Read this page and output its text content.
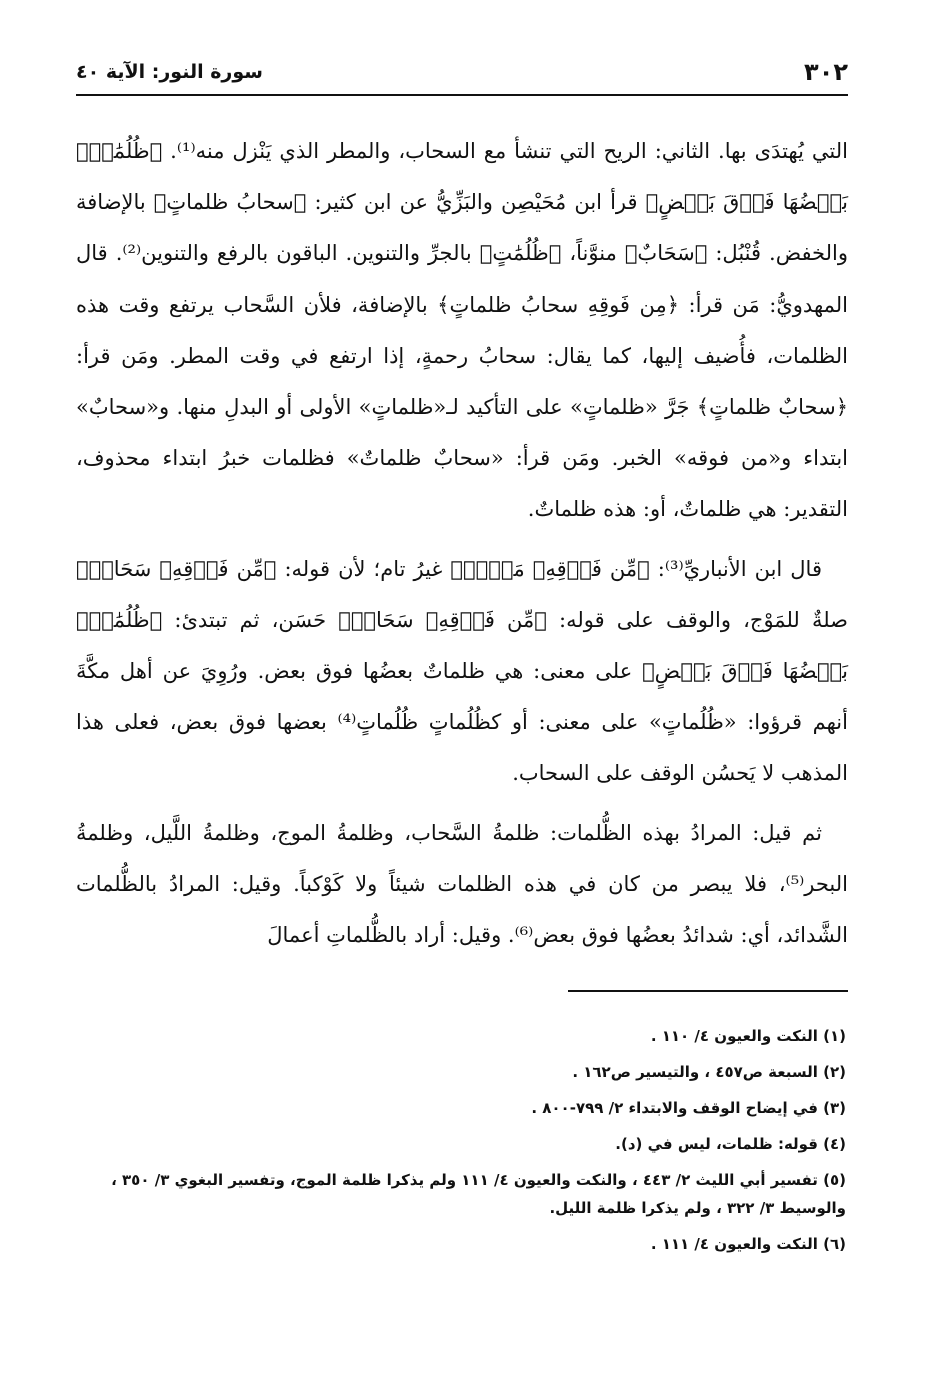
٣٠٢
سورة النور: الآية ٤٠

التي يُهتدَى بها. الثاني: الريح التي تنشأ مع السحاب، والمطر الذي يَنْزل منه⁽¹⁾. ﴿ظُلُمَٰتُۢ بَعۡضُهَا فَوۡقَ بَعۡضٍ﴾ قرأ ابن مُحَيْصِن والبَزِّيُّ عن ابن كثير: ﴿سحابُ ظلماتٍ﴾ بالإضافة والخفض. قُنْبُل: ﴿سَحَابٌ﴾ منوَّناً، ﴿ظُلُمَٰتٍ﴾ بالجرِّ والتنوين. الباقون بالرفع والتنوين⁽²⁾. قال المهدويُّ: مَن قرأ: ﴿مِن فَوقِهِ سحابُ ظلماتٍ﴾ بالإضافة، فلأن السَّحاب يرتفع وقت هذه الظلمات، فأُضيف إليها، كما يقال: سحابُ رحمةٍ، إذا ارتفع في وقت المطر. ومَن قرأ: ﴿سحابٌ ظلماتٍ﴾ جَرَّ «ظلماتٍ» على التأكيد لـ«ظلماتٍ» الأولى أو البدلِ منها. و«سحابٌ» ابتداء و«من فوقه» الخبر. ومَن قرأ: «سحابٌ ظلماتٌ» فظلمات خبرُ ابتداء محذوف، التقدير: هي ظلماتٌ، أو: هذه ظلماتٌ.

قال ابن الأنباريِّ⁽³⁾: ﴿مِّن فَوۡقِهِۦ مَوۡجٞ﴾ غيرُ تام؛ لأن قوله: ﴿مِّن فَوۡقِهِۦ سَحَابٞ﴾ صلةٌ للمَوْج، والوقف على قوله: ﴿مِّن فَوۡقِهِۦ سَحَابٞ﴾ حَسَن، ثم تبتدئ: ﴿ظُلُمَٰتُۢ بَعۡضُهَا فَوۡقَ بَعۡضٍ﴾ على معنى: هي ظلماتٌ بعضُها فوق بعض. ورُوِيَ عن أهل مكَّةَ أنهم قرؤوا: «ظُلُماتٍ» على معنى: أو كظُلُماتٍ ظُلُماتٍ⁽⁴⁾ بعضها فوق بعض، فعلى هذا المذهب لا يَحسُن الوقف على السحاب.

ثم قيل: المرادُ بهذه الظُّلمات: ظلمةُ السَّحاب، وظلمةُ الموج، وظلمةُ اللَّيل، وظلمةُ البحر⁽⁵⁾، فلا يبصر من كان في هذه الظلمات شيئاً ولا كَوْكباً. وقيل: المرادُ بالظُّلمات الشَّدائد، أي: شدائدُ بعضُها فوق بعض⁽⁶⁾. وقيل: أراد بالظُّلماتِ أعمالَ

(١) النكت والعيون ٤/ ١١٠ .

(٢) السبعة ص٤٥٧ ، والتيسير ص١٦٢ .

(٣) في إيضاح الوقف والابتداء ٢/ ٧٩٩-٨٠٠ .

(٤) قوله: ظلمات، ليس في (د).

(٥) تفسير أبي الليث ٢/ ٤٤٣ ، والنكت والعيون ٤/ ١١١ ولم يذكرا ظلمة الموج، وتفسير البغوي ٣/ ٣٥٠ ، والوسيط ٣/ ٣٢٢ ، ولم يذكرا ظلمة الليل.

(٦) النكت والعيون ٤/ ١١١ .
